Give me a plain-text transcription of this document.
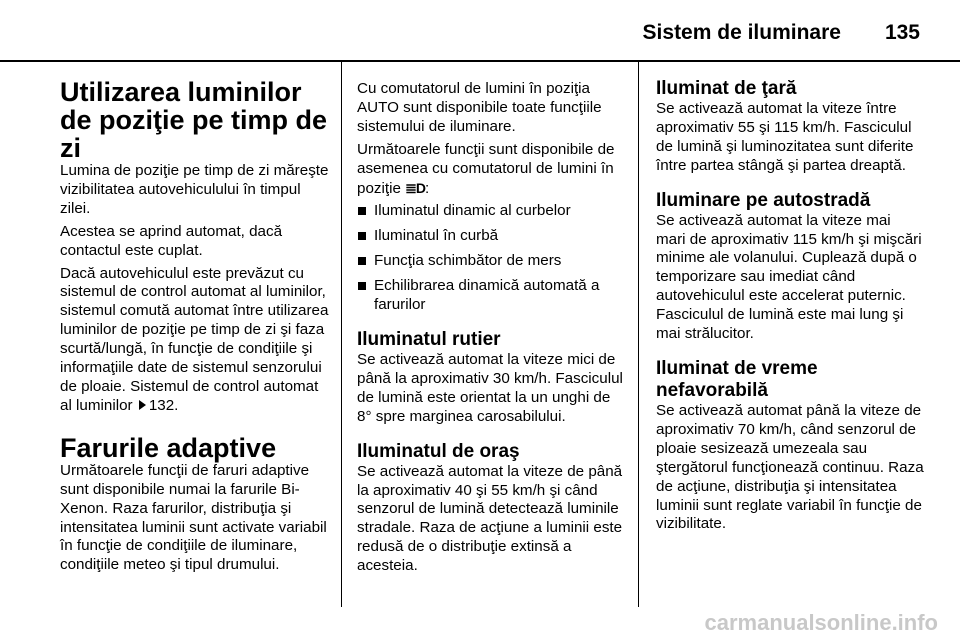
Sistem de iluminare 135
Utilizarea luminilor de poziţie pe timp de zi

Lumina de poziţie pe timp de zi măreşte vizibilitatea autovehiculului în timpul zilei.

Acestea se aprind automat, dacă contactul este cuplat.

Dacă autovehiculul este prevăzut cu sistemul de control automat al luminilor, sistemul comută automat între utilizarea luminilor de poziţie pe timp de zi şi faza scurtă/lungă, în funcţie de condiţiile şi informaţiile date de sistemul senzorului de ploaie. Sistemul de control automat al luminilor 132.

Farurile adaptive

Următoarele funcţii de faruri adaptive sunt disponibile numai la farurile Bi-Xenon. Raza farurilor, distribuţia şi intensitatea luminii sunt activate variabil în funcţie de condiţiile de iluminare, condiţiile meteo şi tipul drumului.

Cu comutatorul de lumini în poziţia AUTO sunt disponibile toate funcţiile sistemului de iluminare.

Următoarele funcţii sunt disponibile de asemenea cu comutatorul de lumini în poziţie ≣D:

Iluminatul dinamic al curbelor
Iluminatul în curbă
Funcţia schimbător de mers
Echilibrarea dinamică automată a farurilor
Iluminatul rutier

Se activează automat la viteze mici de până la aproximativ 30 km/h. Fasciculul de lumină este orientat la un unghi de 8° spre marginea carosabilului.

Iluminatul de oraş

Se activează automat la viteze de până la aproximativ 40 şi 55 km/h şi când senzorul de lumină detectează luminile stradale. Raza de acţiune a luminii este redusă de o distribuţie extinsă a acesteia.

Iluminat de ţară

Se activează automat la viteze între aproximativ 55 şi 115 km/h. Fasciculul de lumină şi luminozitatea sunt diferite între partea stângă şi partea dreaptă.

Iluminare pe autostradă

Se activează automat la viteze mai mari de aproximativ 115 km/h şi mişcări minime ale volanului. Cuplează după o temporizare sau imediat când autovehiculul este accelerat puternic. Fasciculul de lumină este mai lung şi mai strălucitor.

Iluminat de vreme nefavorabilă

Se activează automat până la viteze de aproximativ 70 km/h, când senzorul de ploaie sesizează umezeala sau ştergătorul funcţionează continuu. Raza de acţiune, distribuţia şi intensitatea luminii sunt reglate variabil în funcţie de vizibilitate.

carmanualsonline.info
